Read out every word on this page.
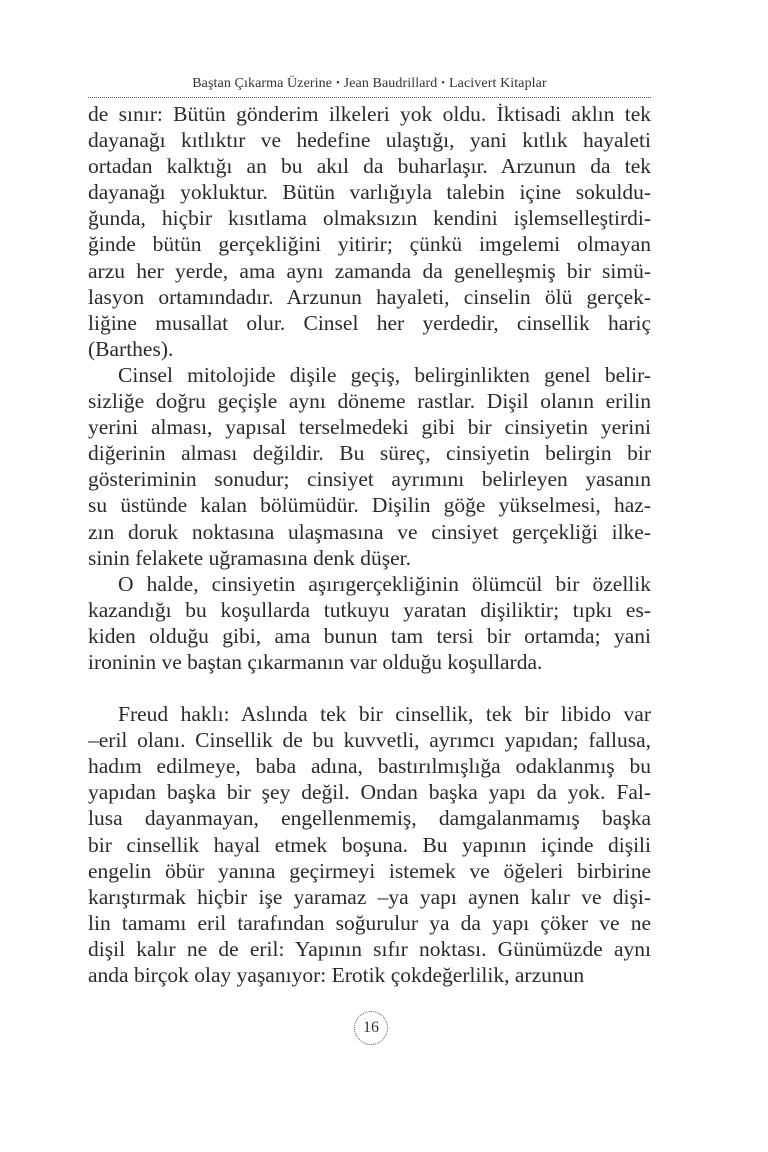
Baştan Çıkarma Üzerine • Jean Baudrillard • Lacivert Kitaplar
de sınır: Bütün gönderim ilkeleri yok oldu. İktisadi aklın tek
dayanağı kıtlıktır ve hedefine ulaştığı, yani kıtlık hayaleti
ortadan kalktığı an bu akıl da buharlaşır. Arzunun da tek
dayanağı yokluktur. Bütün varlığıyla talebin içine sokuldu-
ğunda, hiçbir kısıtlama olmaksızın kendini işlemselleştirdi-
ğinde bütün gerçekliğini yitirir; çünkü imgelemi olmayan
arzu her yerde, ama aynı zamanda da genelleşmiş bir simü-
lasyon ortamındadır. Arzunun hayaleti, cinselin ölü gerçek-
liğine musallat olur. Cinsel her yerdedir, cinsellik hariç
(Barthes).
Cinsel mitolojide dişile geçiş, belirginlikten genel belir-
sizliğe doğru geçişle aynı döneme rastlar. Dişil olanın erilin
yerini alması, yapısal terselmedeki gibi bir cinsiyetin yerini
diğerinin alması değildir. Bu süreç, cinsiyetin belirgin bir
gösteriminin sonudur; cinsiyet ayrımını belirleyen yasanın
su üstünde kalan bölümüdür. Dişilin göğe yükselmesi, haz-
zın doruk noktasına ulaşmasına ve cinsiyet gerçekliği ilke-
sinin felakete uğramasına denk düşer.
O halde, cinsiyetin aşırıgerçekliğinin ölümcül bir özellik
kazandığı bu koşullarda tutkuyu yaratan dişiliktir; tıpkı es-
kiden olduğu gibi, ama bunun tam tersi bir ortamda; yani
ironinin ve baştan çıkarmanın var olduğu koşullarda.
Freud haklı: Aslında tek bir cinsellik, tek bir libido var
–eril olanı. Cinsellik de bu kuvvetli, ayrımcı yapıdan; fallusa,
hadım edilmeye, baba adına, bastırılmışlığa odaklanmış bu
yapıdan başka bir şey değil. Ondan başka yapı da yok. Fal-
lusa dayanmayan, engellenmemiş, damgalanmamış başka
bir cinsellik hayal etmek boşuna. Bu yapının içinde dişili
engelin öbür yanına geçirmeyi istemek ve öğeleri birbirine
karıştırmak hiçbir işe yaramaz –ya yapı aynen kalır ve dişi-
lin tamamı eril tarafından soğurulur ya da yapı çöker ve ne
dişil kalır ne de eril: Yapının sıfır noktası. Günümüzde aynı
anda birçok olay yaşanıyor: Erotik çokdeğerlilik, arzunun
16
